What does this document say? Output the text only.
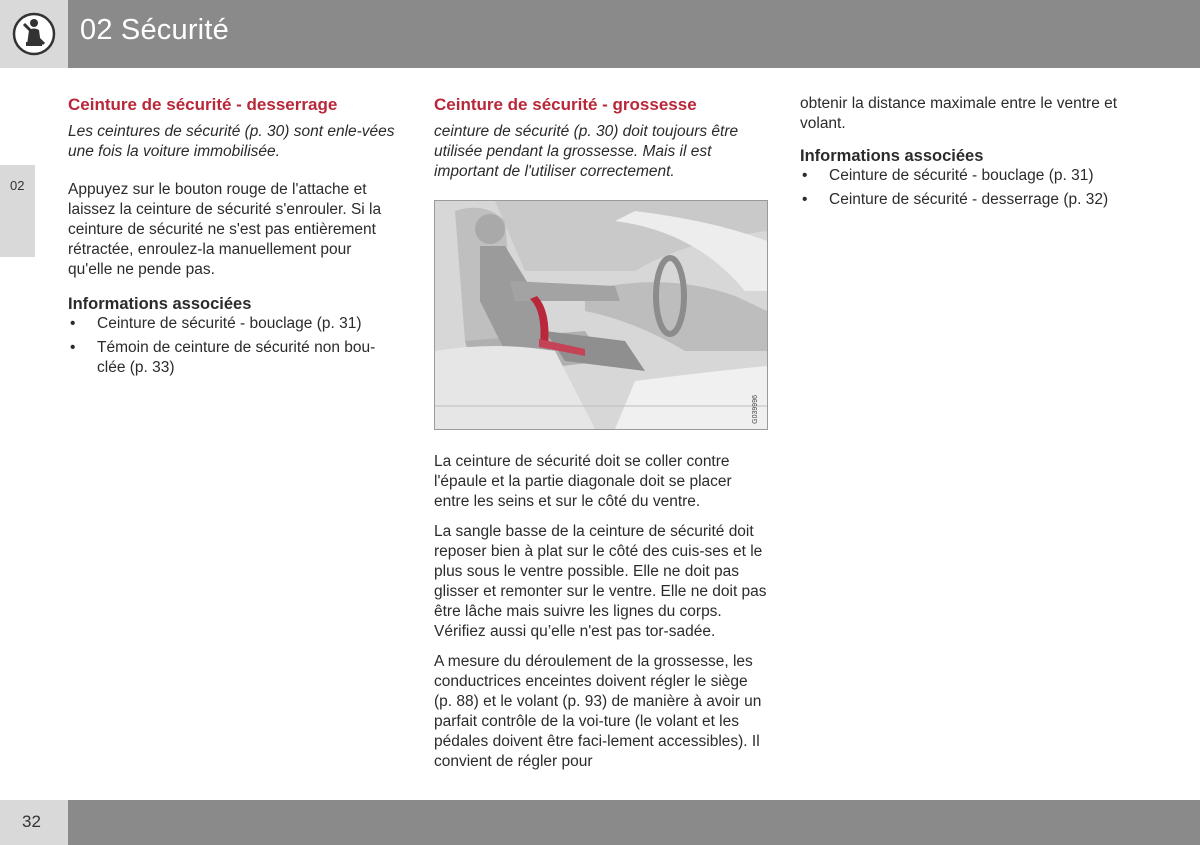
02 Sécurité
02
Ceinture de sécurité - desserrage

Les ceintures de sécurité (p. 30) sont enle-vées une fois la voiture immobilisée.

Appuyez sur le bouton rouge de l'attache et laissez la ceinture de sécurité s'enrouler. Si la ceinture de sécurité ne s'est pas entièrement rétractée, enroulez-la manuellement pour qu'elle ne pende pas.

Informations associées
• Ceinture de sécurité - bouclage (p. 31)
• Témoin de ceinture de sécurité non bou-clée (p. 33)
Ceinture de sécurité - grossesse

ceinture de sécurité (p. 30) doit toujours être utilisée pendant la grossesse. Mais il est important de l'utiliser correctement.

G039996

La ceinture de sécurité doit se coller contre l'épaule et la partie diagonale doit se placer entre les seins et sur le côté du ventre.

La sangle basse de la ceinture de sécurité doit reposer bien à plat sur le côté des cuis-ses et le plus sous le ventre possible. Elle ne doit pas glisser et remonter sur le ventre. Elle ne doit pas être lâche mais suivre les lignes du corps. Vérifiez aussi qu’elle n'est pas tor-sadée.

A mesure du déroulement de la grossesse, les conductrices enceintes doivent régler le siège (p. 88) et le volant (p. 93) de manière à avoir un parfait contrôle de la voi-ture (le volant et les pédales doivent être faci-lement accessibles). Il convient de régler pour

obtenir la distance maximale entre le ventre et volant.

Informations associées
• Ceinture de sécurité - bouclage (p. 31)
• Ceinture de sécurité - desserrage (p. 32)
32
